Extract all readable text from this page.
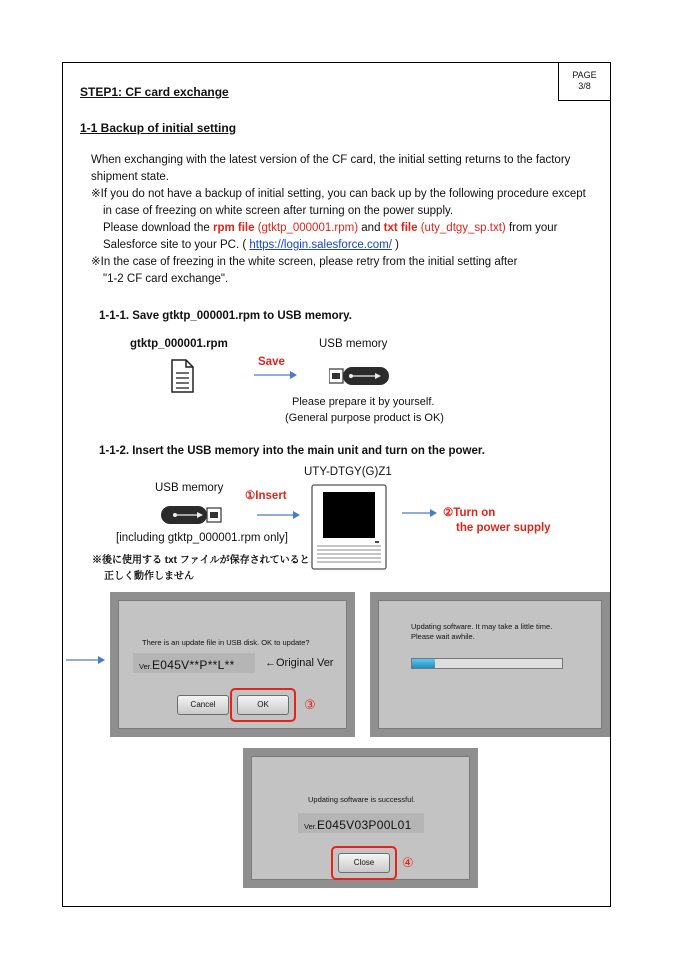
PAGE
3/8
STEP1: CF card exchange
1-1 Backup of initial setting
When exchanging with the latest version of the CF card, the initial setting returns to the factory
shipment state.
※If you do not have a backup of initial setting, you can back up by the following procedure except
in case of freezing on white screen after turning on the power supply.
Please download the rpm file (gtktp_000001.rpm) and txt file (uty_dtgy_sp.txt) from your
Salesforce site to your PC. ( https://login.salesforce.com/ )
※In the case of freezing in the white screen, please retry from the initial setting after
"1-2 CF card exchange".
1-1-1. Save gtktp_000001.rpm to USB memory.
gtktp_000001.rpm	USB memory
Save
Please prepare it by yourself.
(General purpose product is OK)
1-1-2. Insert the USB memory into the main unit and turn on the power.
UTY-DTGY(G)Z1
USB memory
①Insert
②Turn on
the power supply
[including gtktp_000001.rpm only]
※後に使用する txt ファイルが保存されていると
正しく動作しません
There is an update file in USB disk. OK to update?
Ver.E045V**P**L**	←Original Ver
Cancel	OK	③
Updating software. It may take a little time.
Please wait awhile.
Updating software is successful.
Ver.E045V03P00L01
Close	④
